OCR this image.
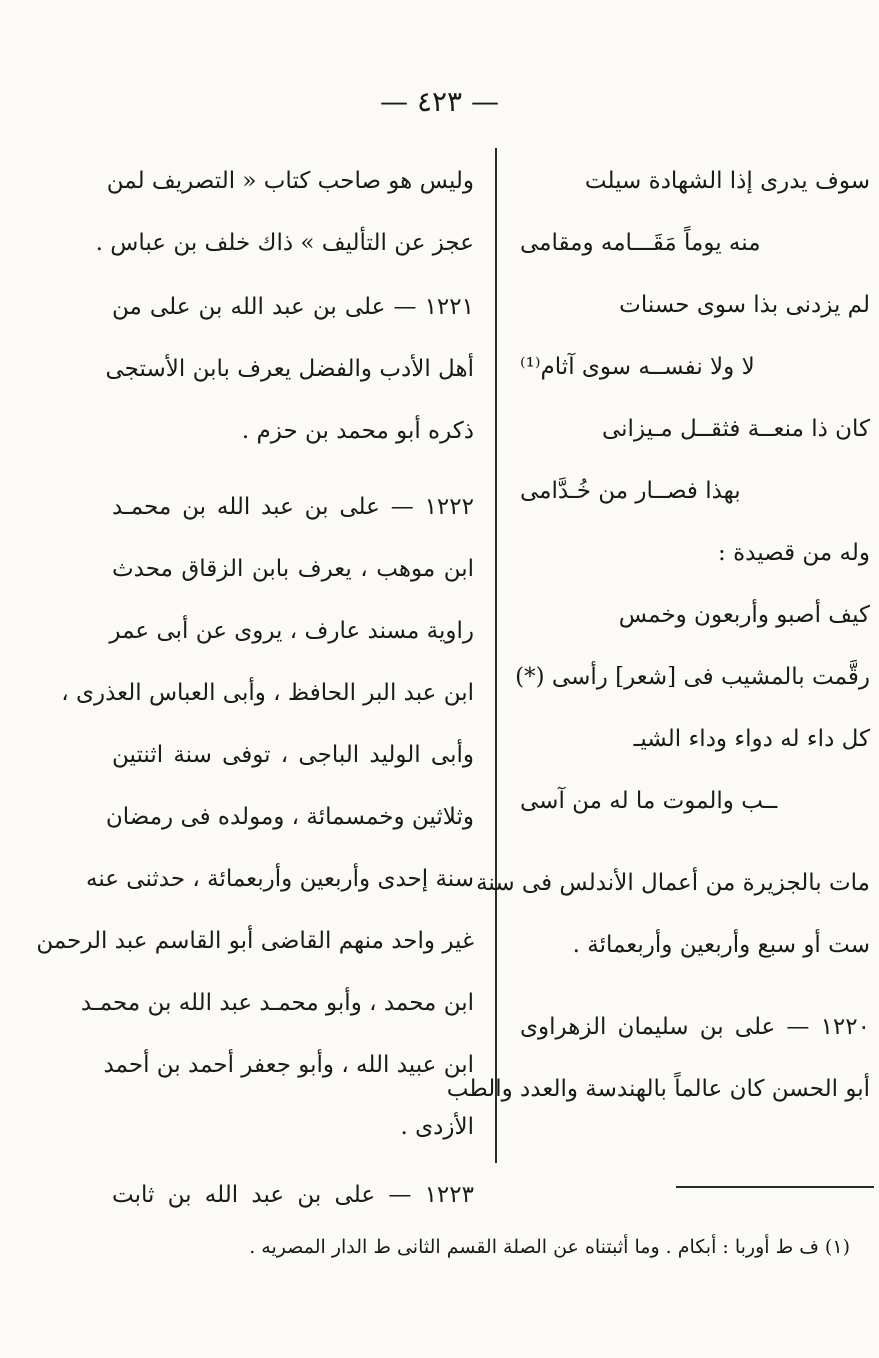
— ٤٢٣ —
سوف يدرى إذا الشهادة سيلت
منه يوماً مَقَـــامه ومقامى
لم يزدنى بذا سوى حسنات
لا ولا نفســه سوى آثام⁽¹⁾
كان ذا منعــة فثقــل مـيزانى
بهذا فصــار من خُـدَّامى
وله من قصيدة :
كيف أصبو وأربعون وخمس
رقَّمت بالمشيب فى [شعر] رأسى (*)
كل داء له دواء وداء الشيـ
ــب والموت ما له من آسى
مات بالجزيرة من أعمال الأندلس فى سنة
ست أو سبع وأربعين وأربعمائة .
١٢٢٠ — على بن سليمان الزهراوى
أبو الحسن كان عالماً بالهندسة والعدد والطب
وليس هو صاحب كتاب « التصريف لمن
عجز عن التأليف » ذاك خلف بن عباس .
١٢٢١ — على بن عبد الله بن على من
أهل الأدب والفضل يعرف بابن الأستجى
ذكره أبو محمد بن حزم .
١٢٢٢ — على بن عبد الله بن محمـد
ابن موهب ، يعرف بابن الزقاق محدث
راوية مسند عارف ، يروى عن أبى عمر
ابن عبد البر الحافظ ، وأبى العباس العذرى ،
وأبى الوليد الباجى ، توفى سنة اثنتين
وثلاثين وخمسمائة ، ومولده فى رمضان
سنة إحدى وأربعين وأربعمائة ، حدثنى عنه
غير واحد منهم القاضى أبو القاسم عبد الرحمن
ابن محمد ، وأبو محمـد عبد الله بن محمـد
ابن عبيد الله ، وأبو جعفر أحمد بن أحمد
الأزدى .
١٢٢٣ — على بن عبد الله بن ثابت
(١) ف ط أوربا : أبكام . وما أثبتناه عن الصلة القسم الثانى ط الدار المصريه .
